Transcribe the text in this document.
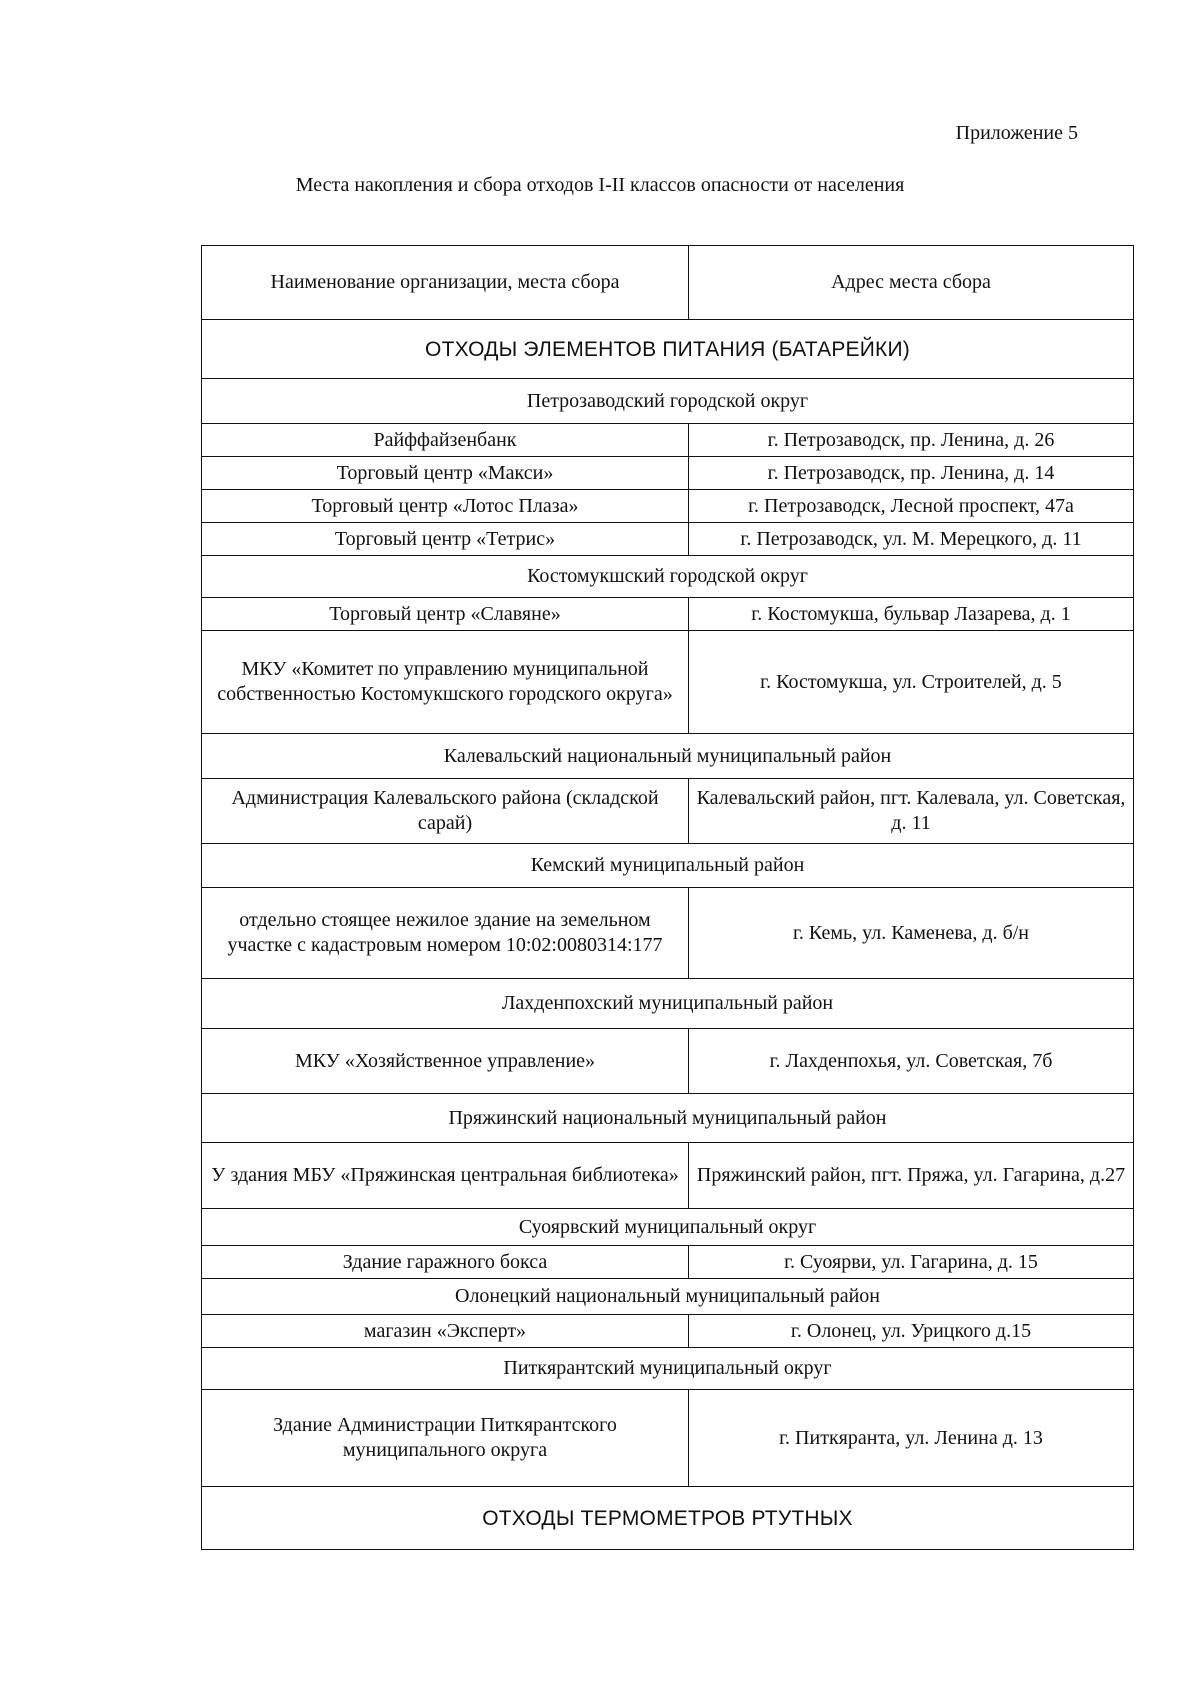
Приложение 5
Места накопления и сбора отходов I-II классов опасности от населения
Наименование организации, места сбора	Адрес места сбора
ОТХОДЫ ЭЛЕМЕНТОВ ПИТАНИЯ (БАТАРЕЙКИ)	
Петрозаводский городской округ	
Райффайзенбанк	г. Петрозаводск, пр. Ленина, д. 26
Торговый центр «Макси»	г. Петрозаводск, пр. Ленина, д. 14
Торговый центр «Лотос Плаза»	г. Петрозаводск, Лесной проспект, 47а
Торговый центр «Тетрис»	г. Петрозаводск, ул. М. Мерецкого, д. 11
Костомукшский городской округ	
Торговый центр «Славяне»	г. Костомукша, бульвар Лазарева, д. 1
МКУ «Комитет по управлению муниципальной собственностью Костомукшского городского округа»	г. Костомукша, ул. Строителей, д. 5
Калевальский национальный муниципальный район	
Администрация Калевальского района (складской сарай)	Калевальский район, пгт. Калевала, ул. Советская, д. 11
Кемский муниципальный район	
отдельно стоящее нежилое здание на земельном участке с кадастровым номером 10:02:0080314:177	г. Кемь, ул. Каменева, д. б/н
Лахденпохский муниципальный район	
МКУ «Хозяйственное управление»	г. Лахденпохья, ул. Советская, 7б
Пряжинский национальный муниципальный район	
У здания МБУ «Пряжинская центральная библиотека»	Пряжинский район, пгт. Пряжа, ул. Гагарина, д.27
Суоярвский муниципальный округ	
Здание гаражного бокса	г. Суоярви, ул. Гагарина, д. 15
Олонецкий национальный муниципальный район	
магазин «Эксперт»	г. Олонец, ул. Урицкого д.15
Питкярантский муниципальный округ	
Здание Администрации Питкярантского муниципального округа	г. Питкяранта, ул. Ленина д. 13
ОТХОДЫ ТЕРМОМЕТРОВ РТУТНЫХ	
